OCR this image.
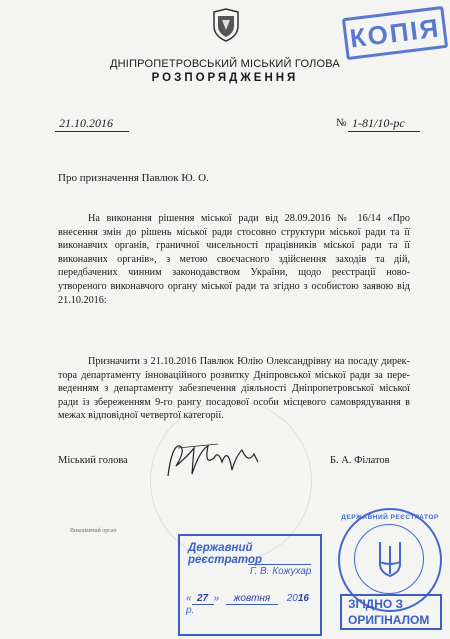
КОПІЯ
ДНІПРОПЕТРОВСЬКИЙ МІСЬКИЙ ГОЛОВА
РОЗПОРЯДЖЕННЯ
21.10.2016	№ 1-81/10-рс
Про призначення Павлюк Ю. О.
На виконання рішення міської ради від 28.09.2016 № 16/14 «Про внесення змін до рішень міської ради стосовно структури міської ради та її виконавчих органів, граничної чисельності працівників міської ради та її виконавчих органів», з метою своєчасного здійснення заходів та дій, передбачених чинним законодавством України, щодо реєстрації ново-утвореного виконавчого органу міської ради та згідно з особистою заявою від 21.10.2016:
Призначити з 21.10.2016 Павлюк Юлію Олександрівну на посаду дирек-тора департаменту інноваційного розвитку Дніпровської міської ради за пере-веденням з департаменту забезпечення діяльності Дніпропетровської міської ради із збереженням 9-го рангу посадової особи місцевого самоврядування в межах відповідної четвертої категорії.
Міський голова	Б. А. Філатов
Виконавчий орган
Державний реєстратор
Г. В. Кожухар
« 27 » жовтня 2016 р.
ДЕРЖАВНИЙ РЕЄСТРАТОР
ЗГІДНО З
ОРИГІНАЛОМ
